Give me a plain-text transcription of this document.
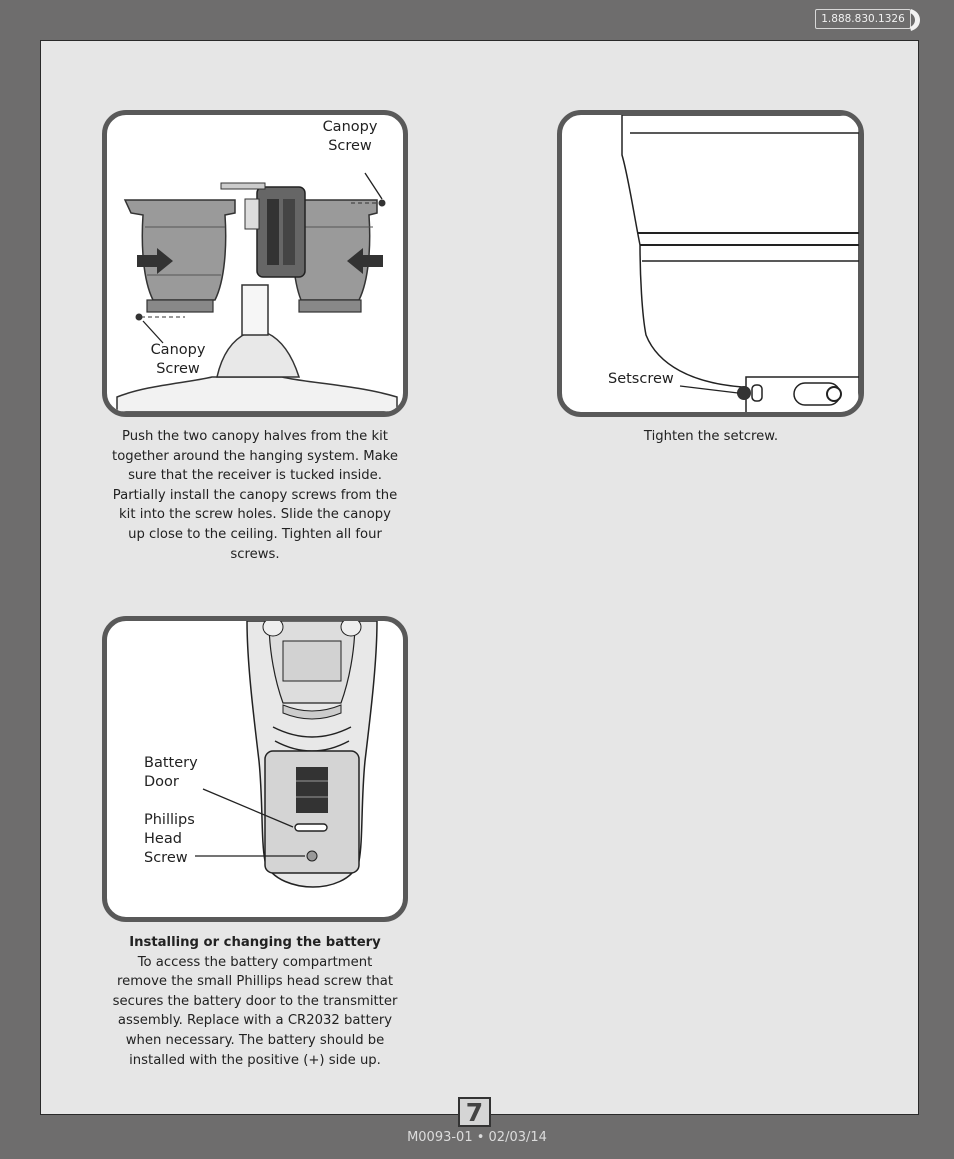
1.888.830.1326
Canopy
Screw
Canopy
Screw
Push the two canopy halves from the kit together around the hanging system. Make sure that the receiver is tucked inside. Partially install the canopy screws from the kit into the screw holes. Slide the canopy up close to the ceiling. Tighten all four screws.
Setscrew
Tighten the setcrew.
Battery
Door
Phillips
Head
Screw
Installing or changing the battery
To access the battery compartment remove the small Phillips head screw that secures the battery door to the transmitter assembly. Replace with a CR2032 battery when necessary. The battery should be installed with the positive (+) side up.
7
M0093-01 • 02/03/14
